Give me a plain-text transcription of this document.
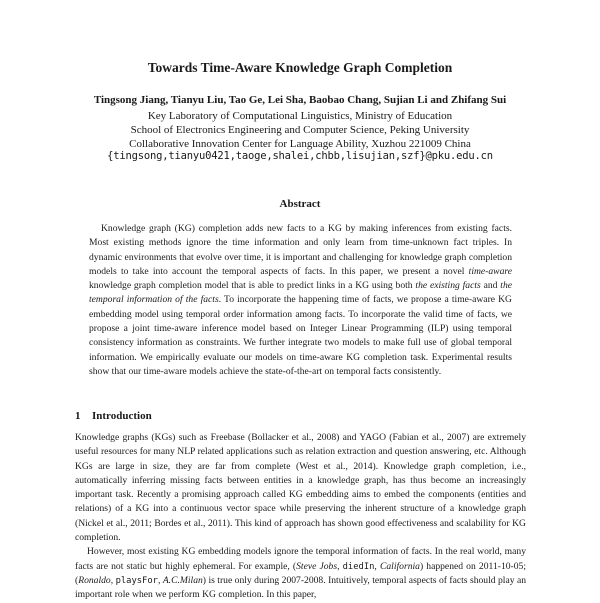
Towards Time-Aware Knowledge Graph Completion
Tingsong Jiang, Tianyu Liu, Tao Ge, Lei Sha, Baobao Chang, Sujian Li and Zhifang Sui
Key Laboratory of Computational Linguistics, Ministry of Education
School of Electronics Engineering and Computer Science, Peking University
Collaborative Innovation Center for Language Ability, Xuzhou 221009 China
{tingsong,tianyu0421,taoge,shalei,chbb,lisujian,szf}@pku.edu.cn
Abstract

Knowledge graph (KG) completion adds new facts to a KG by making inferences from existing facts. Most existing methods ignore the time information and only learn from time-unknown fact triples. In dynamic environments that evolve over time, it is important and challenging for knowledge graph completion models to take into account the temporal aspects of facts. In this paper, we present a novel time-aware knowledge graph completion model that is able to predict links in a KG using both the existing facts and the temporal information of the facts. To incorporate the happening time of facts, we propose a time-aware KG embedding model using temporal order information among facts. To incorporate the valid time of facts, we propose a joint time-aware inference model based on Integer Linear Programming (ILP) using temporal consistency information as constraints. We further integrate two models to make full use of global temporal information. We empirically evaluate our models on time-aware KG completion task. Experimental results show that our time-aware models achieve the state-of-the-art on temporal facts consistently.

1 Introduction

Knowledge graphs (KGs) such as Freebase (Bollacker et al., 2008) and YAGO (Fabian et al., 2007) are extremely useful resources for many NLP related applications such as relation extraction and question answering, etc. Although KGs are large in size, they are far from complete (West et al., 2014). Knowledge graph completion, i.e., automatically inferring missing facts between entities in a knowledge graph, has thus become an increasingly important task. Recently a promising approach called KG embedding aims to embed the components (entities and relations) of a KG into a continuous vector space while preserving the inherent structure of a knowledge graph (Nickel et al., 2011; Bordes et al., 2011). This kind of approach has shown good effectiveness and scalability for KG completion.

However, most existing KG embedding models ignore the temporal information of facts. In the real world, many facts are not static but highly ephemeral. For example, (Steve Jobs, diedIn, California) happened on 2011-10-05; (Ronaldo, playsFor, A.C.Milan) is true only during 2007-2008. Intuitively, temporal aspects of facts should play an important role when we perform KG completion. In this paper,
